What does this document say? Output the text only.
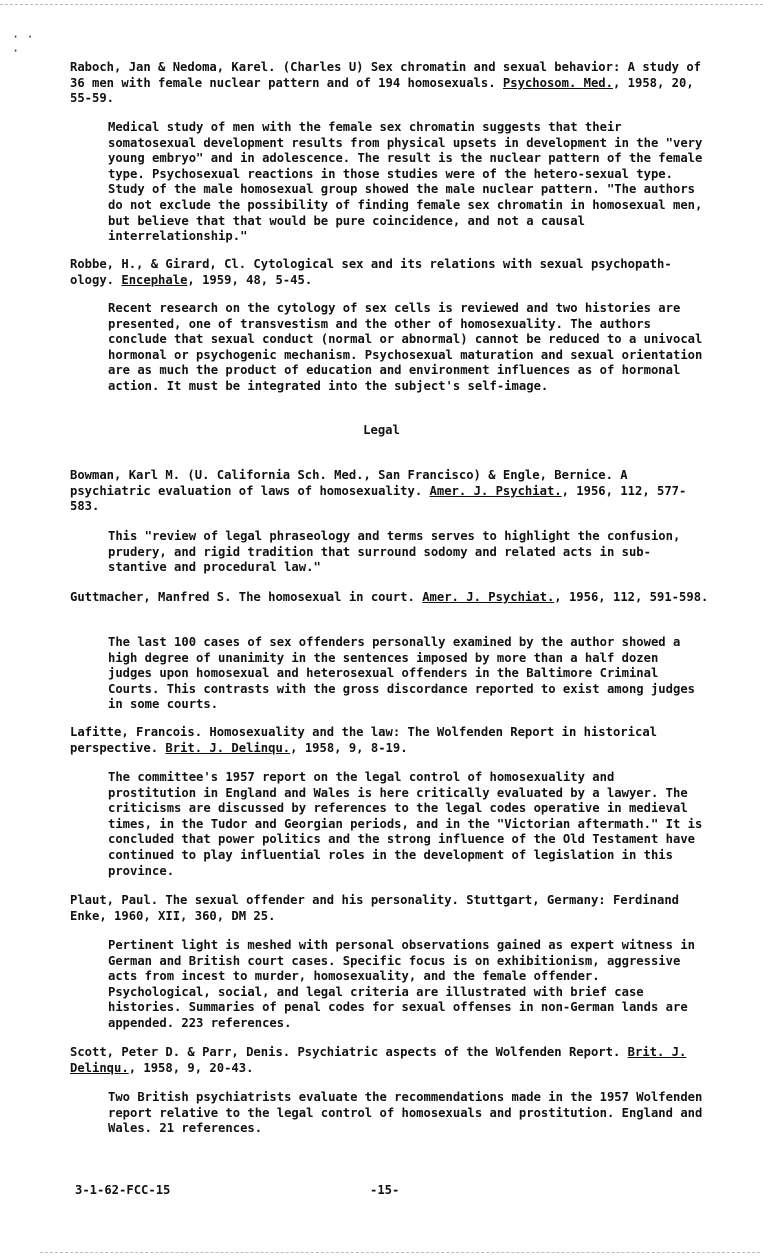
· ·
·
Raboch, Jan & Nedoma, Karel. (Charles U) Sex chromatin and sexual behavior: A study of 36 men with female nuclear pattern and of 194 homosexuals. Psychosom. Med., 1958, 20, 55-59.
Medical study of men with the female sex chromatin suggests that their somatosexual development results from physical upsets in development in the "very young embryo" and in adolescence. The result is the nuclear pattern of the female type. Psychosexual reactions in those studies were of the hetero-sexual type. Study of the male homosexual group showed the male nuclear pattern. "The authors do not exclude the possibility of finding female sex chromatin in homosexual men, but believe that that would be pure coincidence, and not a causal interrelationship."
Robbe, H., & Girard, Cl. Cytological sex and its relations with sexual psychopath-ology. Encephale, 1959, 48, 5-45.
Recent research on the cytology of sex cells is reviewed and two histories are presented, one of transvestism and the other of homosexuality. The authors conclude that sexual conduct (normal or abnormal) cannot be reduced to a univocal hormonal or psychogenic mechanism. Psychosexual maturation and sexual orientation are as much the product of education and environment influences as of hormonal action. It must be integrated into the subject's self-image.
Legal
Bowman, Karl M. (U. California Sch. Med., San Francisco) & Engle, Bernice. A psychiatric evaluation of laws of homosexuality. Amer. J. Psychiat., 1956, 112, 577-583.
This "review of legal phraseology and terms serves to highlight the confusion, prudery, and rigid tradition that surround sodomy and related acts in sub-stantive and procedural law."
Guttmacher, Manfred S. The homosexual in court. Amer. J. Psychiat., 1956, 112, 591-598.
The last 100 cases of sex offenders personally examined by the author showed a high degree of unanimity in the sentences imposed by more than a half dozen judges upon homosexual and heterosexual offenders in the Baltimore Criminal Courts. This contrasts with the gross discordance reported to exist among judges in some courts.
Lafitte, Francois. Homosexuality and the law: The Wolfenden Report in historical perspective. Brit. J. Delinqu., 1958, 9, 8-19.
The committee's 1957 report on the legal control of homosexuality and prostitution in England and Wales is here critically evaluated by a lawyer. The criticisms are discussed by references to the legal codes operative in medieval times, in the Tudor and Georgian periods, and in the "Victorian aftermath." It is concluded that power politics and the strong influence of the Old Testament have continued to play influential roles in the development of legislation in this province.
Plaut, Paul. The sexual offender and his personality. Stuttgart, Germany: Ferdinand Enke, 1960, XII, 360, DM 25.
Pertinent light is meshed with personal observations gained as expert witness in German and British court cases. Specific focus is on exhibitionism, aggressive acts from incest to murder, homosexuality, and the female offender. Psychological, social, and legal criteria are illustrated with brief case histories. Summaries of penal codes for sexual offenses in non-German lands are appended. 223 references.
Scott, Peter D. & Parr, Denis. Psychiatric aspects of the Wolfenden Report. Brit. J. Delinqu., 1958, 9, 20-43.
Two British psychiatrists evaluate the recommendations made in the 1957 Wolfenden report relative to the legal control of homosexuals and prostitution. England and Wales. 21 references.
3-1-62-FCC-15	-15-
